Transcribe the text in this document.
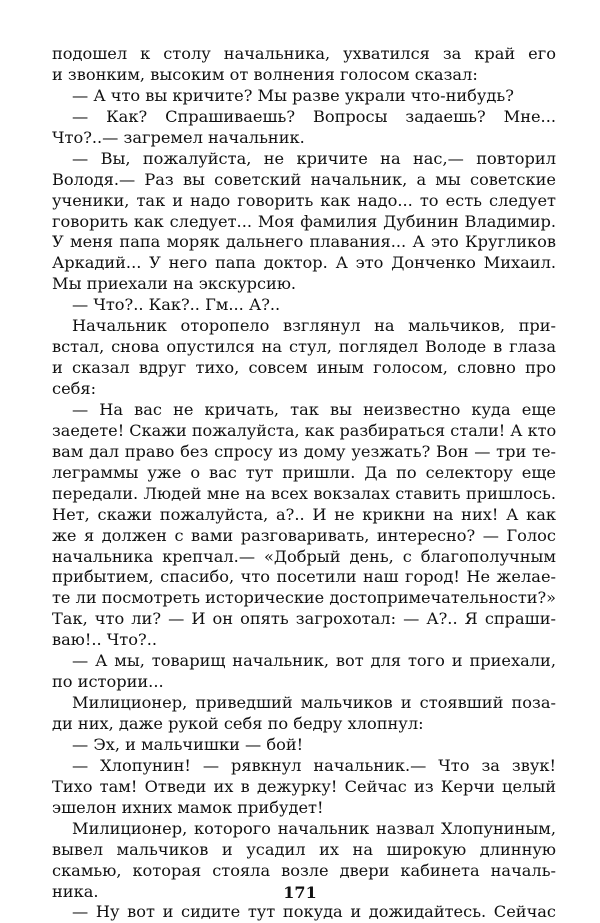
подошел к столу начальника, ухватился за край его
и звонким, высоким от волнения голосом сказал:
— А что вы кричите? Мы разве украли что-нибудь?
— Как? Спрашиваешь? Вопросы задаешь? Мне...
Что?..— загремел начальник.
— Вы, пожалуйста, не кричите на нас,— повторил
Володя.— Раз вы советский начальник, а мы советские
ученики, так и надо говорить как надо... то есть следует
говорить как следует... Моя фамилия Дубинин Владимир.
У меня папа моряк дальнего плавания... А это Кругликов
Аркадий... У него папа доктор. А это Донченко Михаил.
Мы приехали на экскурсию.
— Что?.. Как?.. Гм... А?..
Начальник оторопело взглянул на мальчиков, при-
встал, снова опустился на стул, поглядел Володе в глаза
и сказал вдруг тихо, совсем иным голосом, словно про
себя:
— На вас не кричать, так вы неизвестно куда еще
заедете! Скажи пожалуйста, как разбираться стали! А кто
вам дал право без спросу из дому уезжать? Вон — три те-
леграммы уже о вас тут пришли. Да по селектору еще
передали. Людей мне на всех вокзалах ставить пришлось.
Нет, скажи пожалуйста, а?.. И не крикни на них! А как
же я должен с вами разговаривать, интересно? — Голос
начальника крепчал.— «Добрый день, с благополучным
прибытием, спасибо, что посетили наш город! Не желае-
те ли посмотреть исторические достопримечательности?»
Так, что ли? — И он опять загрохотал: — А?.. Я спраши-
ваю!.. Что?..
— А мы, товарищ начальник, вот для того и приехали,
по истории...
Милиционер, приведший мальчиков и стоявший поза-
ди них, даже рукой себя по бедру хлопнул:
— Эх, и мальчишки — бой!
— Хлопунин! — рявкнул начальник.— Что за звук!
Тихо там! Отведи их в дежурку! Сейчас из Керчи целый
эшелон ихних мамок прибудет!
Милиционер, которого начальник назвал Хлопуниным,
вывел мальчиков и усадил их на широкую длинную
скамью, которая стояла возле двери кабинета началь-
ника.
— Ну вот и сидите тут покуда и дожидайтесь. Сейчас
171
